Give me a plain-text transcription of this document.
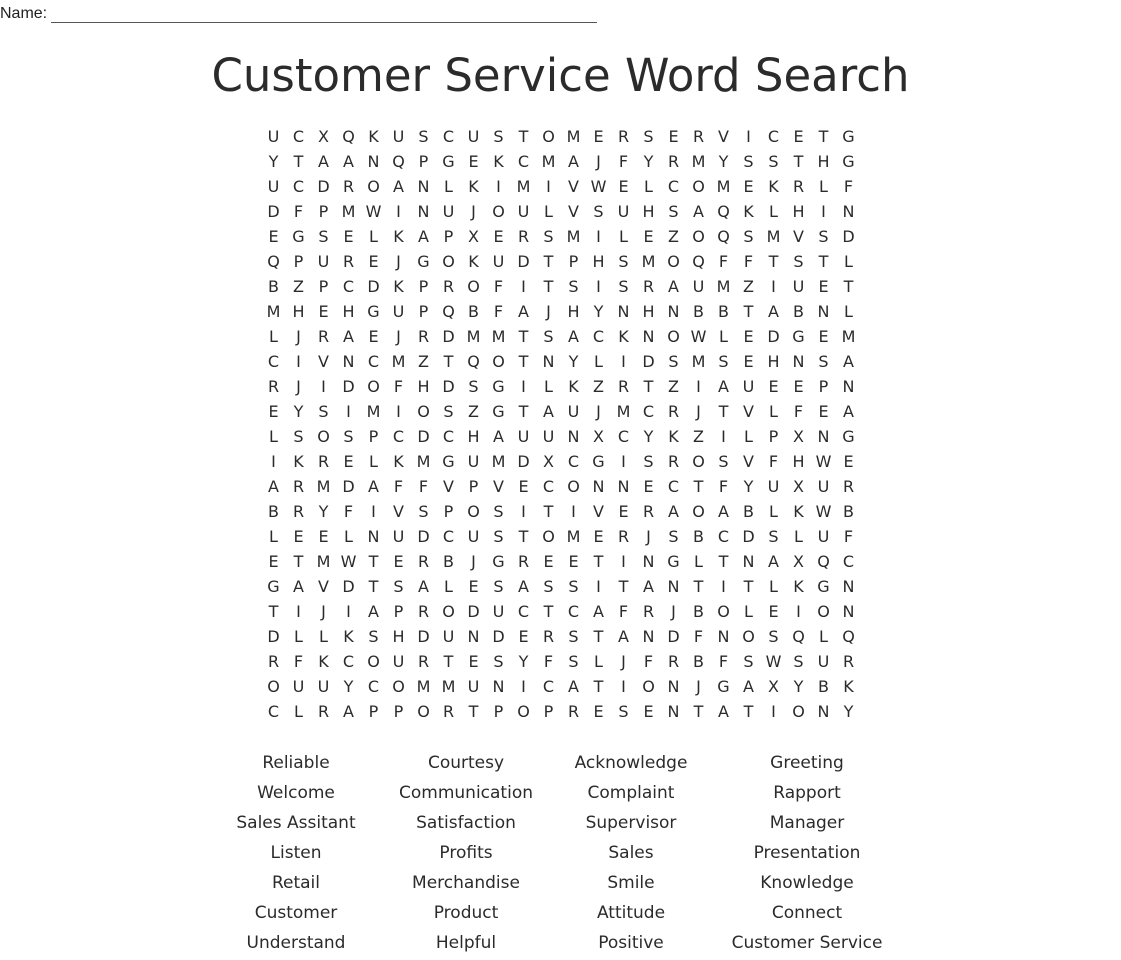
Name:
Customer Service Word Search
U C X Q K U S C U S T O M E R S E R V	I	C E T G
Y T A A N Q P G E K C M A	J	F Y R M Y S S T H G
U C D R O A N L K	I M I	V W E L C O M E K R L F
D F P M W I	N U	J	O U L V S U H S A Q K L H	I	N
E G S E L K A P X E R S M I	L E Z O Q S M V S D
Q P U R E	J	G O K U D T P H S M O Q F F T S T L
B Z P C D K P R O F	I	T S	I	S R A U M Z	I	U E T
M H E H G U P Q B F A	J	H Y N H N B B T A B N L
L	J	R A E	J	R D M M T S A C K N O W L E D G E M
C	I	V N C M Z T Q O T N Y L	I	D S M S E H N S A
R	J	I	D O F H D S G	I	L K Z R T Z	I	A U E E P N
E Y S	I M I	O S Z G T A U	J M C R	J	T V L F E A
L S O S P C D C H A U U N X C Y K Z	I	L P X N G
I	K R E L K M G U M D X C G	I	S R O S V F H W E
A R M D A F F V P V E C O N N E C T F Y U X U R
B R Y F	I	V S P O S	I	T	I	V E R A O A B L K W B
L E E L N U D C U S T O M E R	J	S B C D S L U F
E T M W T E R B	J	G R E E T	I	N G L T N A X Q C
G A V D T S A L E S A S S	I	T A N T	I	T L K G N
T	I	J	I	A P R O D U C T C A F R	J	B O L E	I	O N
D L	L K S H D U N D E R S T A N D F N O S Q L Q
R F K C O U R T E S Y F S L	J	F R B F S W S U R
O U U Y C O M M U N	I	C A T	I	O N	J	G A X Y B K
C L R A P P O R T P O P R E S E N T A T	I	O N Y
Reliable	Courtesy	Acknowledge	Greeting
Welcome	Communication	Complaint	Rapport
Sales Assitant	Satisfaction	Supervisor	Manager
Listen	Profits	Sales	Presentation
Retail	Merchandise	Smile	Knowledge
Customer	Product	Attitude	Connect
Understand	Helpful	Positive	Customer Service
